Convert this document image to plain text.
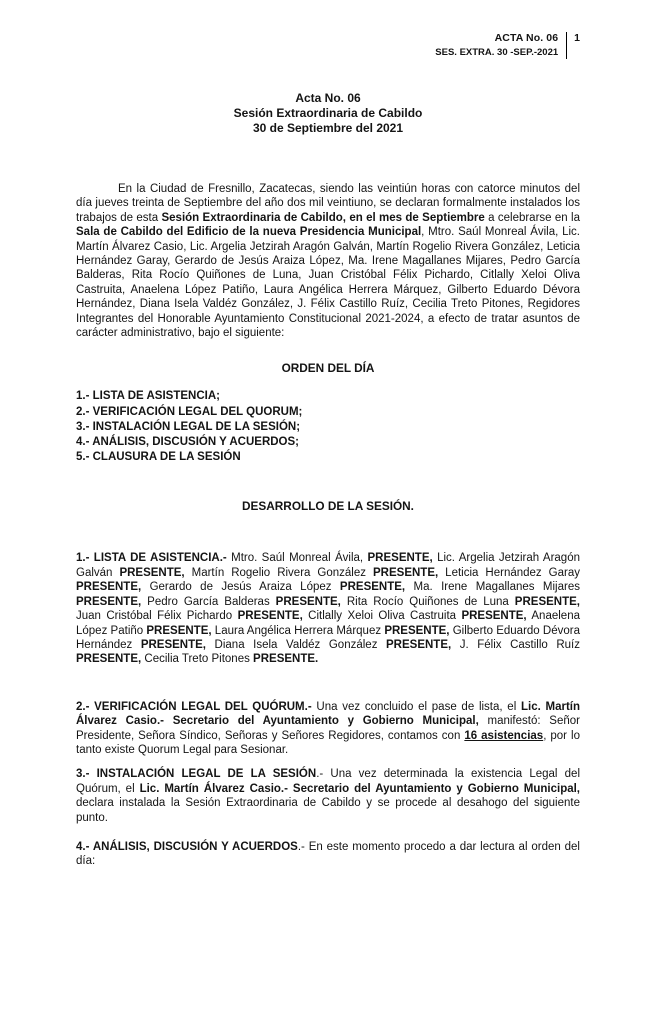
ACTA No. 06
SES. EXTRA. 30 -SEP.-2021
1
Acta No. 06
Sesión Extraordinaria de Cabildo
30 de Septiembre del 2021

En la Ciudad de Fresnillo, Zacatecas, siendo las veintiún horas con catorce minutos del día jueves treinta de Septiembre del año dos mil veintiuno, se declaran formalmente instalados los trabajos de esta Sesión Extraordinaria de Cabildo, en el mes de Septiembre a celebrarse en la Sala de Cabildo del Edificio de la nueva Presidencia Municipal, Mtro. Saúl Monreal Ávila, Lic. Martín Álvarez Casio, Lic. Argelia Jetzirah Aragón Galván, Martín Rogelio Rivera González, Leticia Hernández Garay, Gerardo de Jesús Araiza López, Ma. Irene Magallanes Mijares, Pedro García Balderas, Rita Rocío Quiñones de Luna, Juan Cristóbal Félix Pichardo, Citlally Xeloi Oliva Castruita, Anaelena López Patiño, Laura Angélica Herrera Márquez, Gilberto Eduardo Dévora Hernández, Diana Isela Valdéz González, J. Félix Castillo Ruíz, Cecilia Treto Pitones, Regidores Integrantes del Honorable Ayuntamiento Constitucional 2021-2024, a efecto de tratar asuntos de carácter administrativo, bajo el siguiente:

ORDEN DEL DÍA
1.- LISTA DE ASISTENCIA;
2.- VERIFICACIÓN LEGAL DEL QUORUM;
3.- INSTALACIÓN LEGAL DE LA SESIÓN;
4.- ANÁLISIS, DISCUSIÓN Y ACUERDOS;
5.- CLAUSURA DE LA SESIÓN
DESARROLLO DE LA SESIÓN.

1.- LISTA DE ASISTENCIA.- Mtro. Saúl Monreal Ávila, PRESENTE, Lic. Argelia Jetzirah Aragón Galván PRESENTE, Martín Rogelio Rivera González PRESENTE, Leticia Hernández Garay PRESENTE, Gerardo de Jesús Araiza López PRESENTE, Ma. Irene Magallanes Mijares PRESENTE, Pedro García Balderas PRESENTE, Rita Rocío Quiñones de Luna PRESENTE, Juan Cristóbal Félix Pichardo PRESENTE, Citlally Xeloi Oliva Castruita PRESENTE, Anaelena López Patiño PRESENTE, Laura Angélica Herrera Márquez PRESENTE, Gilberto Eduardo Dévora Hernández PRESENTE, Diana Isela Valdéz González PRESENTE, J. Félix Castillo Ruíz PRESENTE, Cecilia Treto Pitones PRESENTE.

2.- VERIFICACIÓN LEGAL DEL QUÓRUM.- Una vez concluido el pase de lista, el Lic. Martín Álvarez Casio.- Secretario del Ayuntamiento y Gobierno Municipal, manifestó: Señor Presidente, Señora Síndico, Señoras y Señores Regidores, contamos con 16 asistencias, por lo tanto existe Quorum Legal para Sesionar.

3.- INSTALACIÓN LEGAL DE LA SESIÓN.- Una vez determinada la existencia Legal del Quórum, el Lic. Martín Álvarez Casio.- Secretario del Ayuntamiento y Gobierno Municipal, declara instalada la Sesión Extraordinaria de Cabildo y se procede al desahogo del siguiente punto.

4.- ANÁLISIS, DISCUSIÓN Y ACUERDOS.- En este momento procedo a dar lectura al orden del día:
